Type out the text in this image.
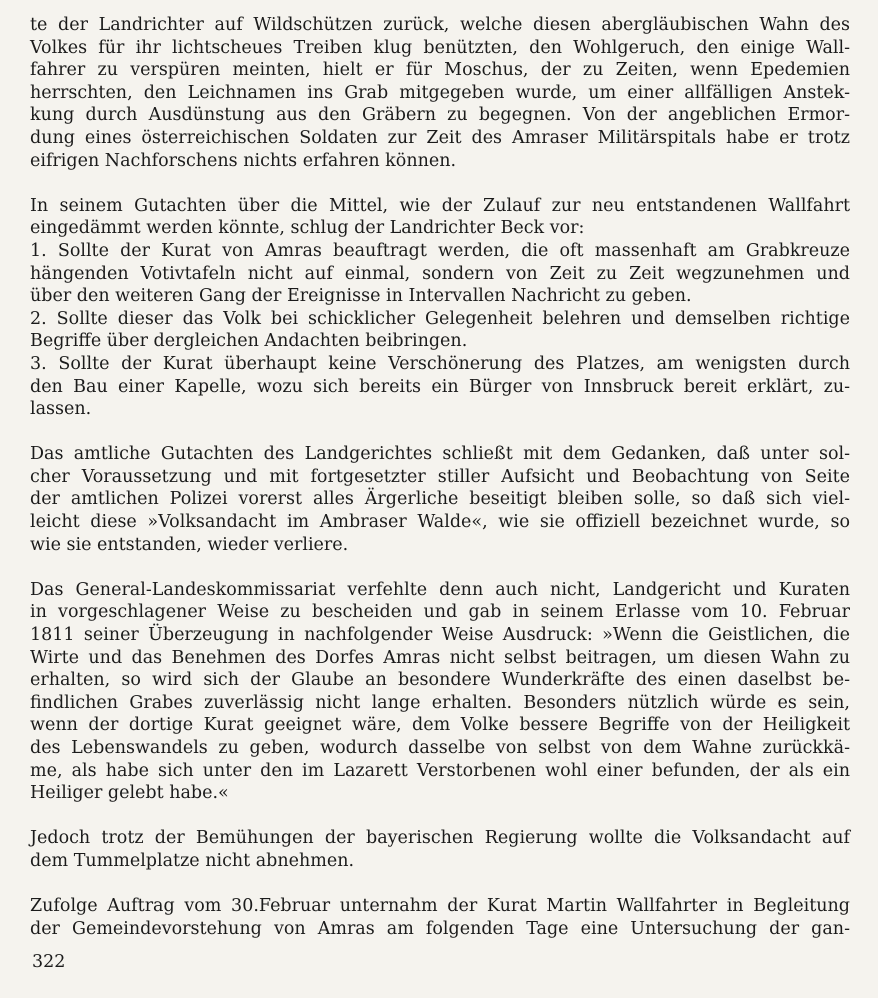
te der Landrichter auf Wildschützen zurück, welche diesen abergläubischen Wahn des
Volkes für ihr lichtscheues Treiben klug benützten, den Wohlgeruch, den einige Wall-
fahrer zu verspüren meinten, hielt er für Moschus, der zu Zeiten, wenn Epedemien
herrschten, den Leichnamen ins Grab mitgegeben wurde, um einer allfälligen Anstek-
kung durch Ausdünstung aus den Gräbern zu begegnen. Von der angeblichen Ermor-
dung eines österreichischen Soldaten zur Zeit des Amraser Militärspitals habe er trotz
eifrigen Nachforschens nichts erfahren können.
In seinem Gutachten über die Mittel, wie der Zulauf zur neu entstandenen Wallfahrt
eingedämmt werden könnte, schlug der Landrichter Beck vor:
1. Sollte der Kurat von Amras beauftragt werden, die oft massenhaft am Grabkreuze
hängenden Votivtafeln nicht auf einmal, sondern von Zeit zu Zeit wegzunehmen und
über den weiteren Gang der Ereignisse in Intervallen Nachricht zu geben.
2. Sollte dieser das Volk bei schicklicher Gelegenheit belehren und demselben richtige
Begriffe über dergleichen Andachten beibringen.
3. Sollte der Kurat überhaupt keine Verschönerung des Platzes, am wenigsten durch
den Bau einer Kapelle, wozu sich bereits ein Bürger von Innsbruck bereit erklärt, zu-
lassen.
Das amtliche Gutachten des Landgerichtes schließt mit dem Gedanken, daß unter sol-
cher Voraussetzung und mit fortgesetzter stiller Aufsicht und Beobachtung von Seite
der amtlichen Polizei vorerst alles Ärgerliche beseitigt bleiben solle, so daß sich viel-
leicht diese »Volksandacht im Ambraser Walde«, wie sie offiziell bezeichnet wurde, so
wie sie entstanden, wieder verliere.
Das General-Landeskommissariat verfehlte denn auch nicht, Landgericht und Kuraten
in vorgeschlagener Weise zu bescheiden und gab in seinem Erlasse vom 10. Februar
1811 seiner Überzeugung in nachfolgender Weise Ausdruck: »Wenn die Geistlichen, die
Wirte und das Benehmen des Dorfes Amras nicht selbst beitragen, um diesen Wahn zu
erhalten, so wird sich der Glaube an besondere Wunderkräfte des einen daselbst be-
findlichen Grabes zuverlässig nicht lange erhalten. Besonders nützlich würde es sein,
wenn der dortige Kurat geeignet wäre, dem Volke bessere Begriffe von der Heiligkeit
des Lebenswandels zu geben, wodurch dasselbe von selbst von dem Wahne zurückkä-
me, als habe sich unter den im Lazarett Verstorbenen wohl einer befunden, der als ein
Heiliger gelebt habe.«
Jedoch trotz der Bemühungen der bayerischen Regierung wollte die Volksandacht auf
dem Tummelplatze nicht abnehmen.
Zufolge Auftrag vom 30.Februar unternahm der Kurat Martin Wallfahrter in Begleitung
der Gemeindevorstehung von Amras am folgenden Tage eine Untersuchung der gan-
322
